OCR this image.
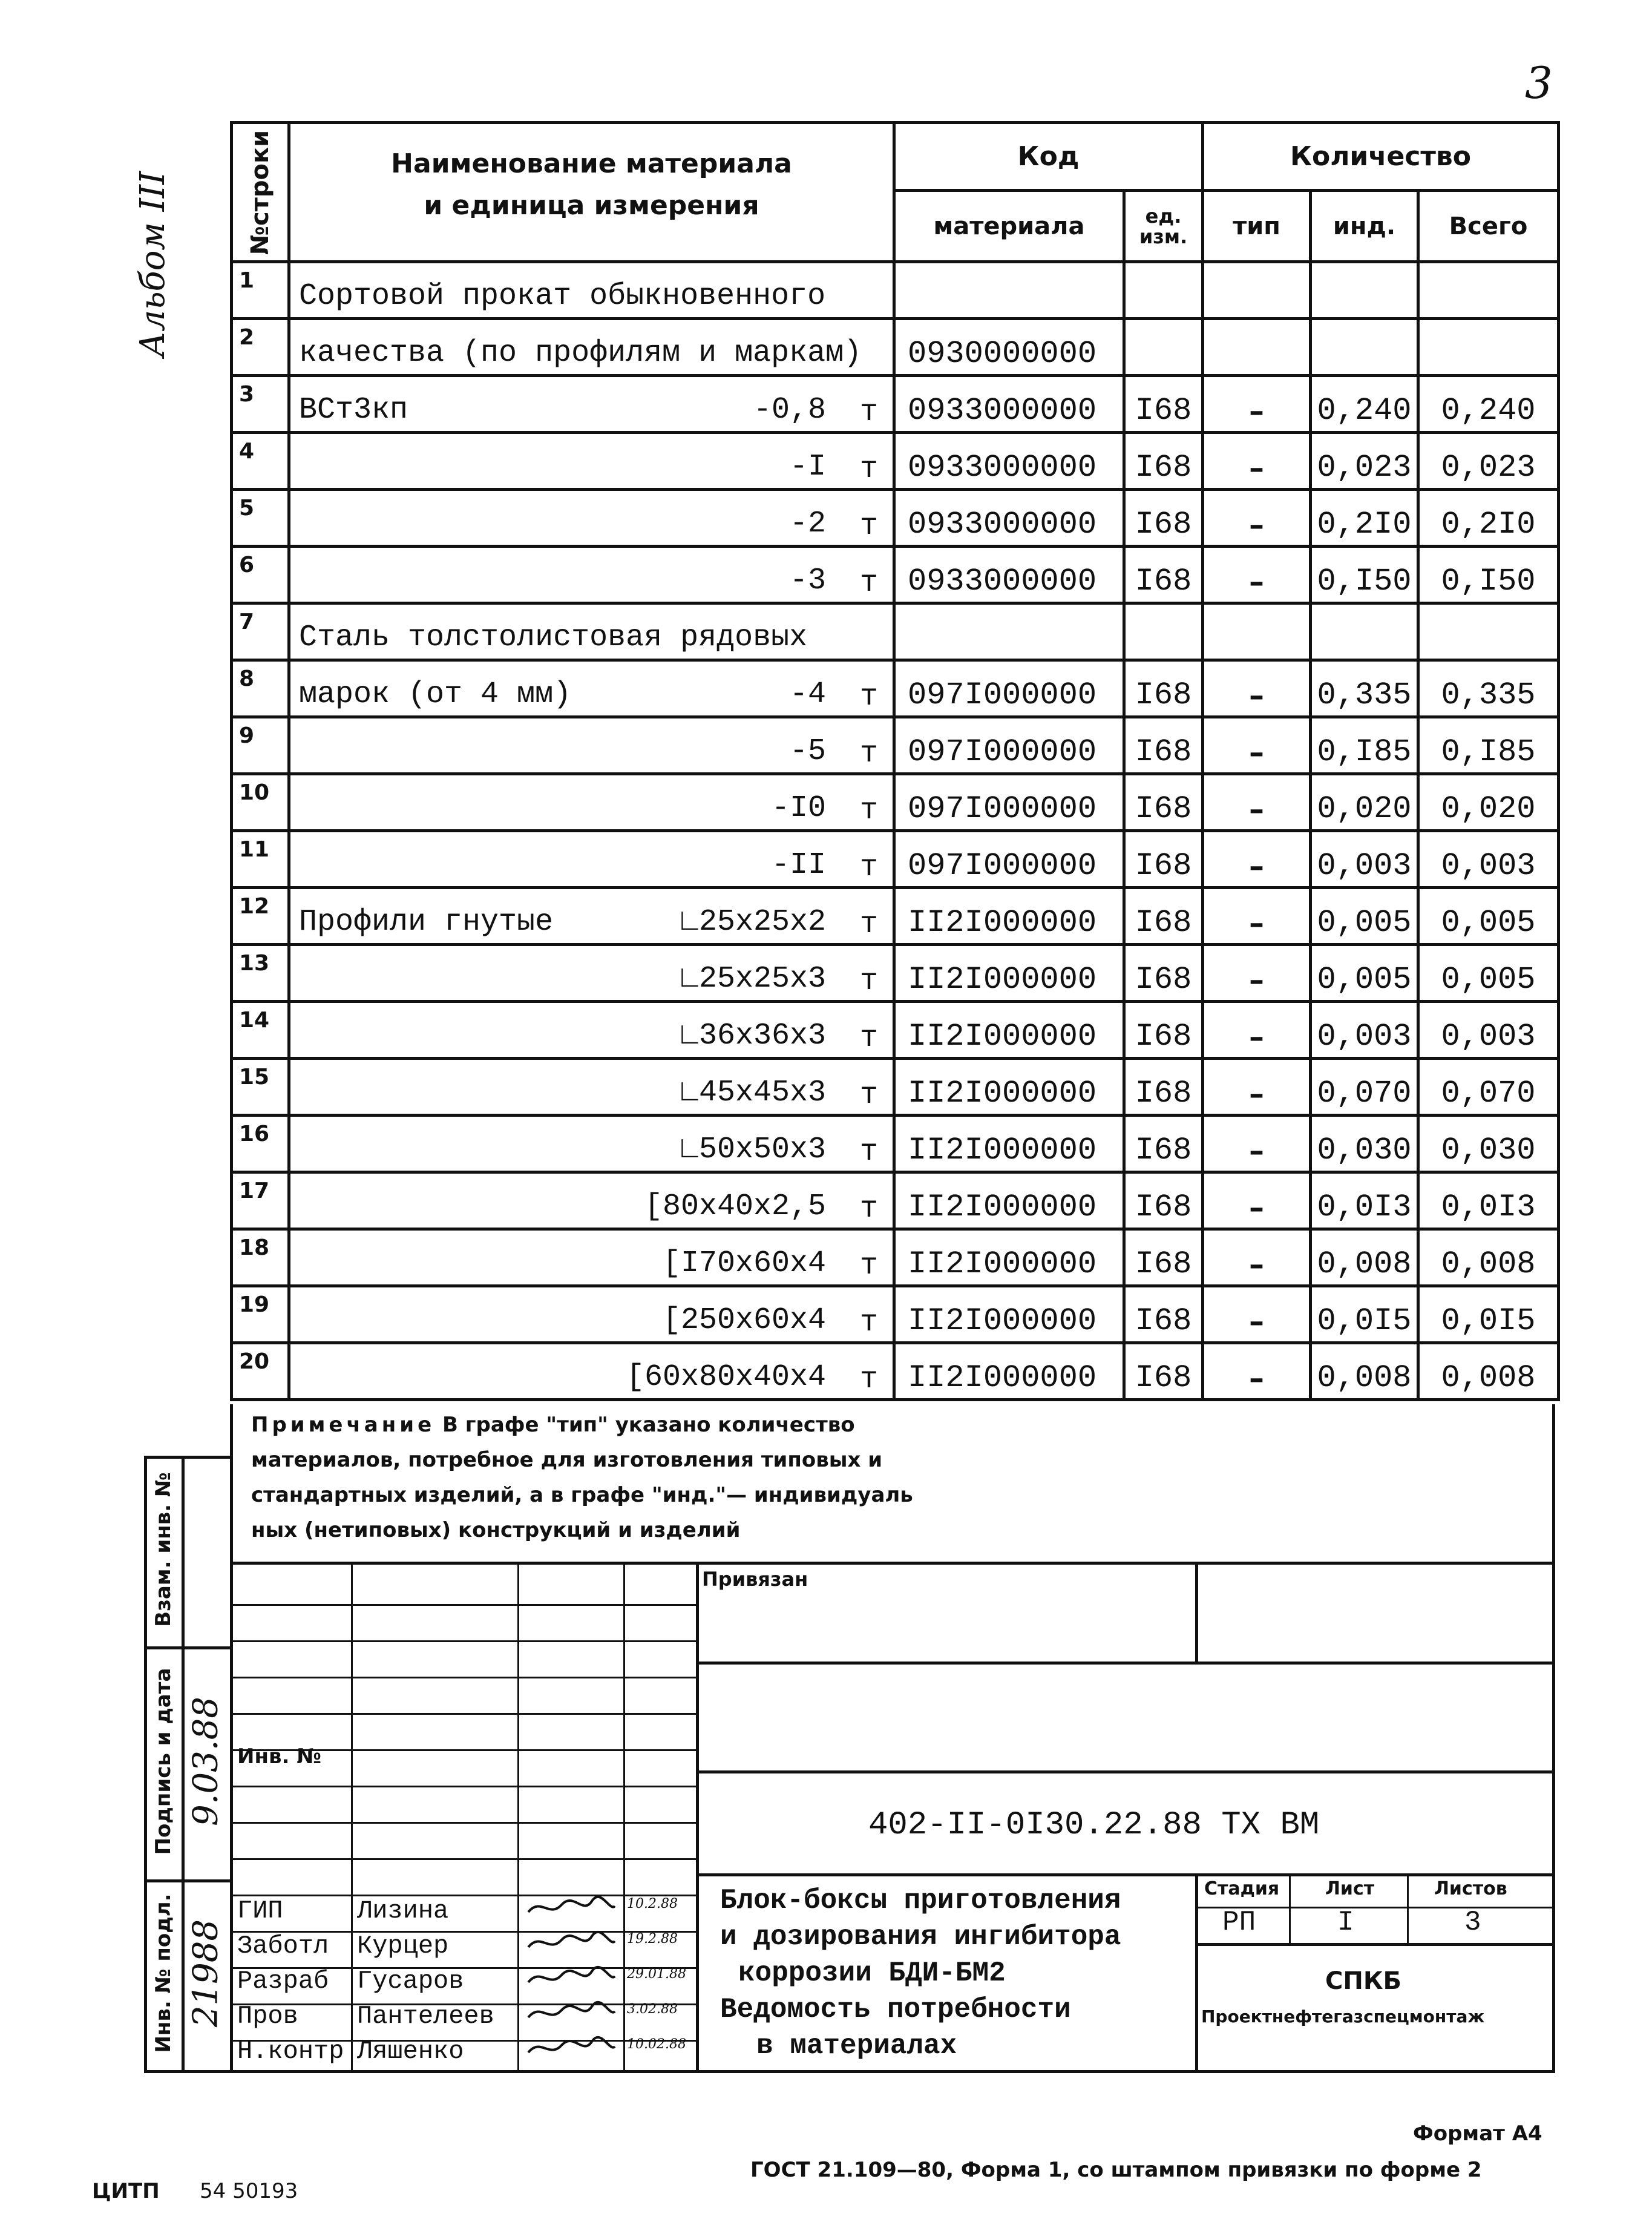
3
Альбом III	№строки	Наименование материала
и единица измерения	Код		Количество		
		материала	ед. изм.	тип	инд.	Всего
1	Сортовой прокат обыкновенного					

2	качества (по профилям и маркам)	0930000000				
3	ВСт3кп -0,8 т	0933000000	I68	–	0,240	0,240
4	-I т	0933000000	I68	–	0,023	0,023
5	-2 т	0933000000	I68	–	0,2I0	0,2I0
6	-3 т	0933000000	I68	–	0,I50	0,I50
7	Сталь толстолистовая рядовых					

8	марок (от 4 мм) -4 т	097I000000	I68	–	0,335	0,335
9	-5 т	097I000000	I68	–	0,I85	0,I85
10	-I0 т	097I000000	I68	–	0,020	0,020
11	-II т	097I000000	I68	–	0,003	0,003
12	Профили гнутые ∟25x25x2 т	II2I000000	I68	–	0,005	0,005
13	∟25x25x3 т	II2I000000	I68	–	0,005	0,005
14	∟36x36x3 т	II2I000000	I68	–	0,003	0,003
15	∟45x45x3 т	II2I000000	I68	–	0,070	0,070
16	∟50x50x3 т	II2I000000	I68	–	0,030	0,030
17	[80x40x2,5 т	II2I000000	I68	–	0,0I3	0,0I3
18	[I70x60x4 т	II2I000000	I68	–	0,008	0,008
19	[250x60x4 т	II2I000000	I68	–	0,0I5	0,0I5
20	[60x80x40x4 т	II2I000000	I68	–	0,008	0,008
Взам. инв. №
Подпись и дата 9.03.88
Инв. № подл. 21988
Примечание В графе "тип" указано количество
материалов, потребное для изготовления типовых и
стандартных изделий, а в графе "инд."— индивидуаль
ных (нетиповых) конструкций и изделий
Привязан
Инв. №
402-II-0I30.22.88 ТХ ВМ
Блок-боксы приготовления
и дозирования ингибитора
коррозии БДИ-БМ2
Ведомость потребности
в материалах
Стадия	Лист	Листов
РП	I	3
СПКБ
Проектнефтегазспецмонтаж
ГИП	Лизина	10.2.88
Заботл Курцер	19.2.88
Разраб Гусаров	29.01.88
Пров Пантелеев	3.02.88
Н.контр Ляшенко	10.02.88
Формат А4
ГОСТ 21.109—80, Форма 1, со штампом привязки по форме 2
ЦИТП 54 50193
